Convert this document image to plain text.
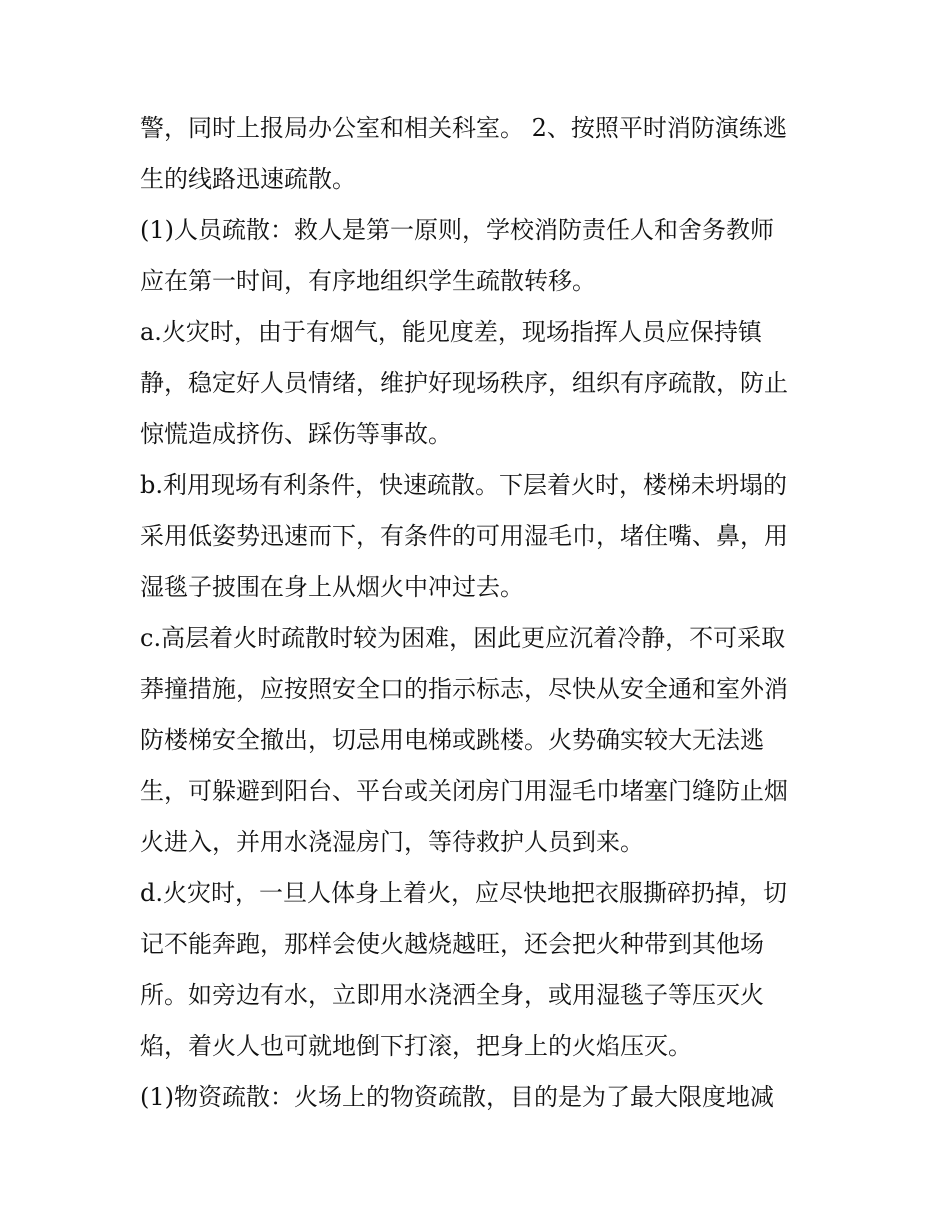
警，同时上报局办公室和相关科室。 2、按照平时消防演练逃
生的线路迅速疏散。
(1)人员疏散：救人是第一原则，学校消防责任人和舍务教师
应在第一时间，有序地组织学生疏散转移。
a.火灾时，由于有烟气，能见度差，现场指挥人员应保持镇
静，稳定好人员情绪，维护好现场秩序，组织有序疏散，防止
惊慌造成挤伤、踩伤等事故。
b.利用现场有利条件，快速疏散。下层着火时，楼梯未坍塌的
采用低姿势迅速而下，有条件的可用湿毛巾，堵住嘴、鼻，用
湿毯子披围在身上从烟火中冲过去。
c.高层着火时疏散时较为困难，困此更应沉着冷静，不可采取
莽撞措施，应按照安全口的指示标志，尽快从安全通和室外消
防楼梯安全撤出，切忌用电梯或跳楼。火势确实较大无法逃
生，可躲避到阳台、平台或关闭房门用湿毛巾堵塞门缝防止烟
火进入，并用水浇湿房门，等待救护人员到来。
d.火灾时，一旦人体身上着火，应尽快地把衣服撕碎扔掉，切
记不能奔跑，那样会使火越烧越旺，还会把火种带到其他场
所。如旁边有水，立即用水浇洒全身，或用湿毯子等压灭火
焰，着火人也可就地倒下打滚，把身上的火焰压灭。
(1)物资疏散：火场上的物资疏散，目的是为了最大限度地减
